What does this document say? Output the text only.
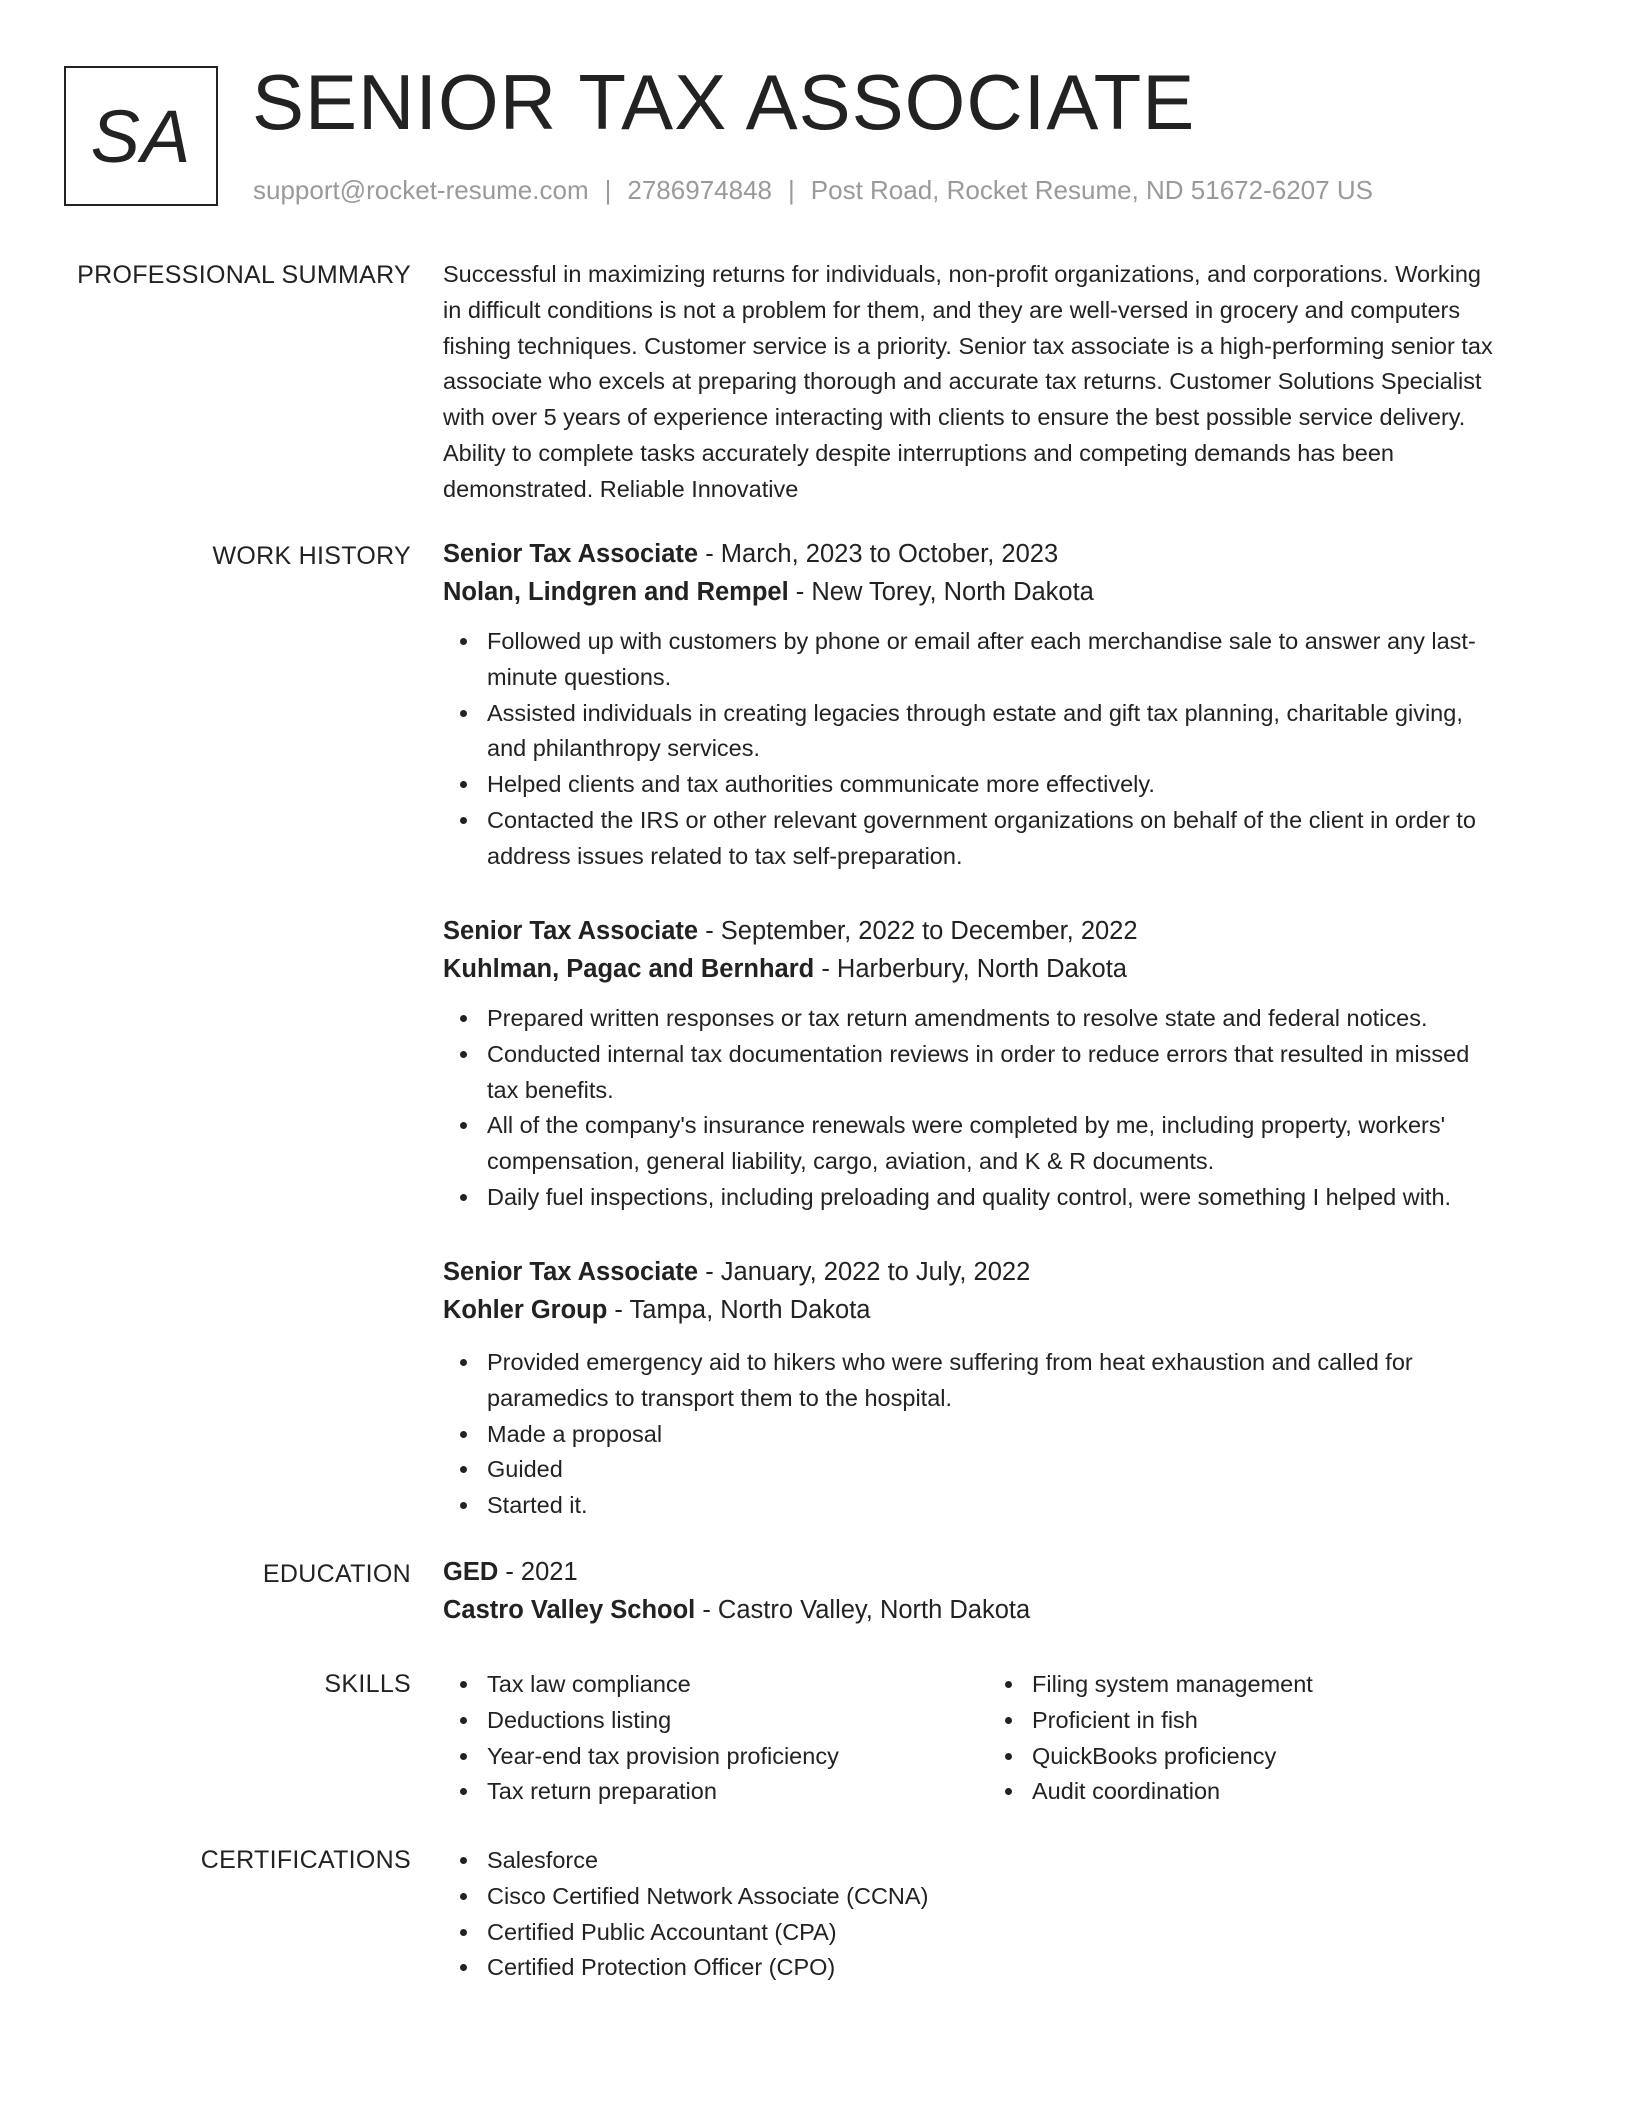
SA SENIOR TAX ASSOCIATE
support@rocket-resume.com | 2786974848 | Post Road, Rocket Resume, ND 51672-6207 US
PROFESSIONAL SUMMARY Successful in maximizing returns for individuals, non-profit organizations, and corporations. Working
in difficult conditions is not a problem for them, and they are well-versed in grocery and computers
fishing techniques. Customer service is a priority. Senior tax associate is a high-performing senior tax
associate who excels at preparing thorough and accurate tax returns. Customer Solutions Specialist
with over 5 years of experience interacting with clients to ensure the best possible service delivery.
Ability to complete tasks accurately despite interruptions and competing demands has been
demonstrated. Reliable Innovative
WORK HISTORY Senior Tax Associate - March, 2023 to October, 2023
Nolan, Lindgren and Rempel - New Torey, North Dakota
Followed up with customers by phone or email after each merchandise sale to answer any last-
minute questions.
Assisted individuals in creating legacies through estate and gift tax planning, charitable giving,
and philanthropy services.
Helped clients and tax authorities communicate more effectively.
Contacted the IRS or other relevant government organizations on behalf of the client in order to
address issues related to tax self-preparation.
Senior Tax Associate - September, 2022 to December, 2022
Kuhlman, Pagac and Bernhard - Harberbury, North Dakota
Prepared written responses or tax return amendments to resolve state and federal notices.
Conducted internal tax documentation reviews in order to reduce errors that resulted in missed
tax benefits.
All of the company's insurance renewals were completed by me, including property, workers'
compensation, general liability, cargo, aviation, and K & R documents.
Daily fuel inspections, including preloading and quality control, were something I helped with.
Senior Tax Associate - January, 2022 to July, 2022
Kohler Group - Tampa, North Dakota
Provided emergency aid to hikers who were suffering from heat exhaustion and called for
paramedics to transport them to the hospital.
Made a proposal
Guided
Started it.
EDUCATION GED - 2021
Castro Valley School - Castro Valley, North Dakota
SKILLS	Tax law compliance
Deductions listing
Year-end tax provision proficiency
Tax return preparation
Filing system management
Proficient in fish
QuickBooks proficiency
Audit coordination
CERTIFICATIONS	Salesforce
Cisco Certified Network Associate (CCNA)
Certified Public Accountant (CPA)
Certified Protection Officer (CPO)
